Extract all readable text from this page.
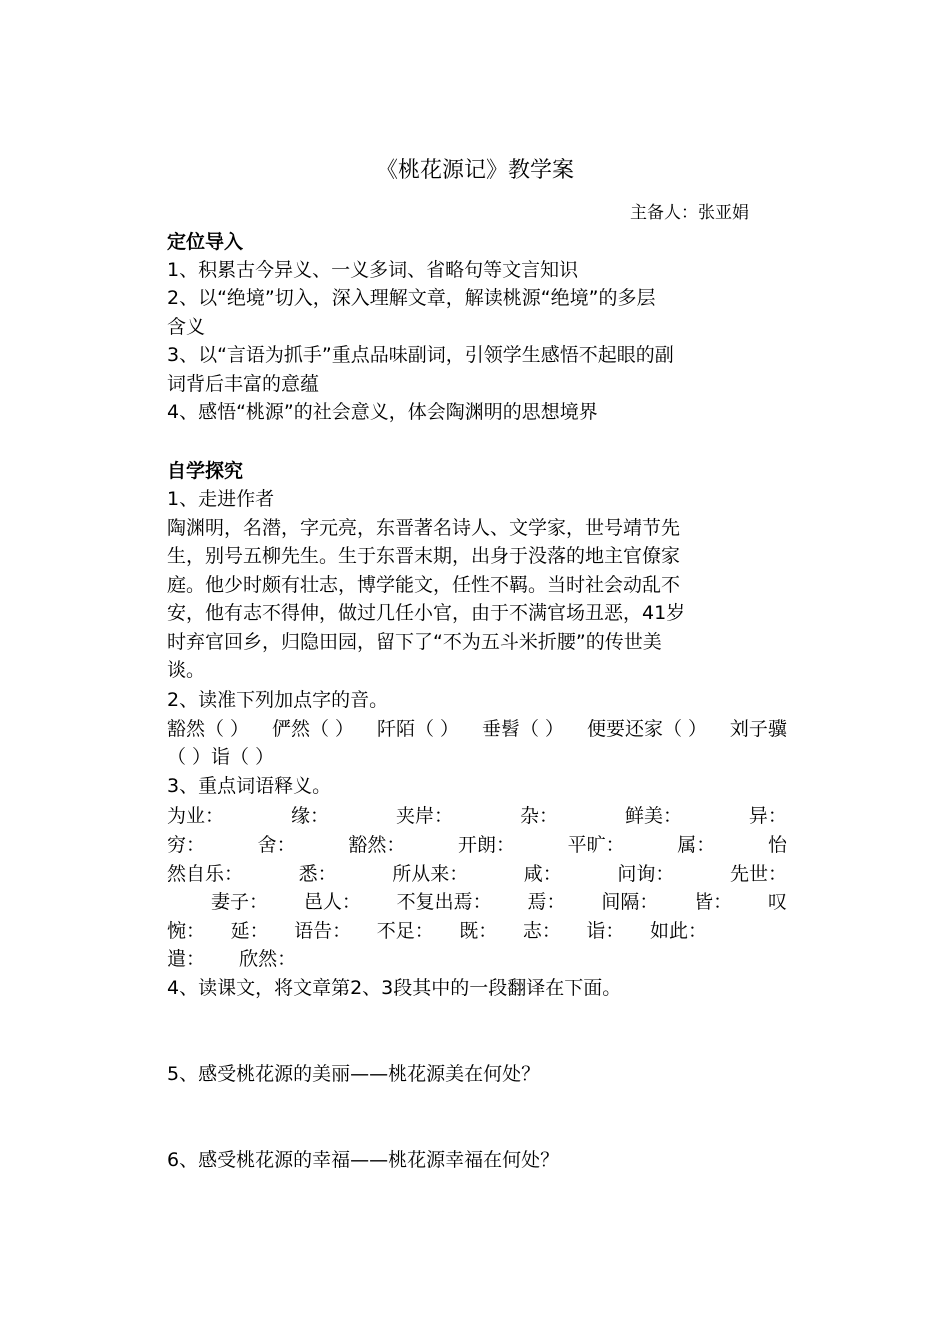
《桃花源记》教学案
主备人：张亚娟
定位导入
1、积累古今异义、一义多词、省略句等文言知识
2、以“绝境”切入，深入理解文章，解读桃源“绝境”的多层
含义
3、以“言语为抓手”重点品味副词，引领学生感悟不起眼的副
词背后丰富的意蕴
4、感悟“桃源”的社会意义，体会陶渊明的思想境界
自学探究
1、走进作者
陶渊明，名潜，字元亮，东晋著名诗人、文学家，世号靖节先
生，别号五柳先生。生于东晋末期，出身于没落的地主官僚家
庭。他少时颇有壮志，博学能文，任性不羁。当时社会动乱不
安，他有志不得伸，做过几任小官，由于不满官场丑恶，41岁
时弃官回乡，归隐田园，留下了“不为五斗米折腰”的传世美
谈。
2、读准下列加点字的音。
豁然（ ） 俨然（ ） 阡陌（ ） 垂髫（ ） 便要还家（ ） 刘子骥
（ ）诣（ ）
3、重点词语释义。
为业：	缘：	夹岸：	杂：	鲜美：	异：
穷：	舍：	豁然：	开朗：	平旷：	属：	怡
然自乐：	悉：	所从来：	咸：	问询：	先世：
妻子： 邑人： 不复出焉： 焉： 间隔： 皆： 叹
惋： 延： 语告： 不足： 既： 志： 诣： 如此：
遣： 欣然：
4、读课文，将文章第2、3段其中的一段翻译在下面。
5、感受桃花源的美丽——桃花源美在何处？
6、感受桃花源的幸福——桃花源幸福在何处？
